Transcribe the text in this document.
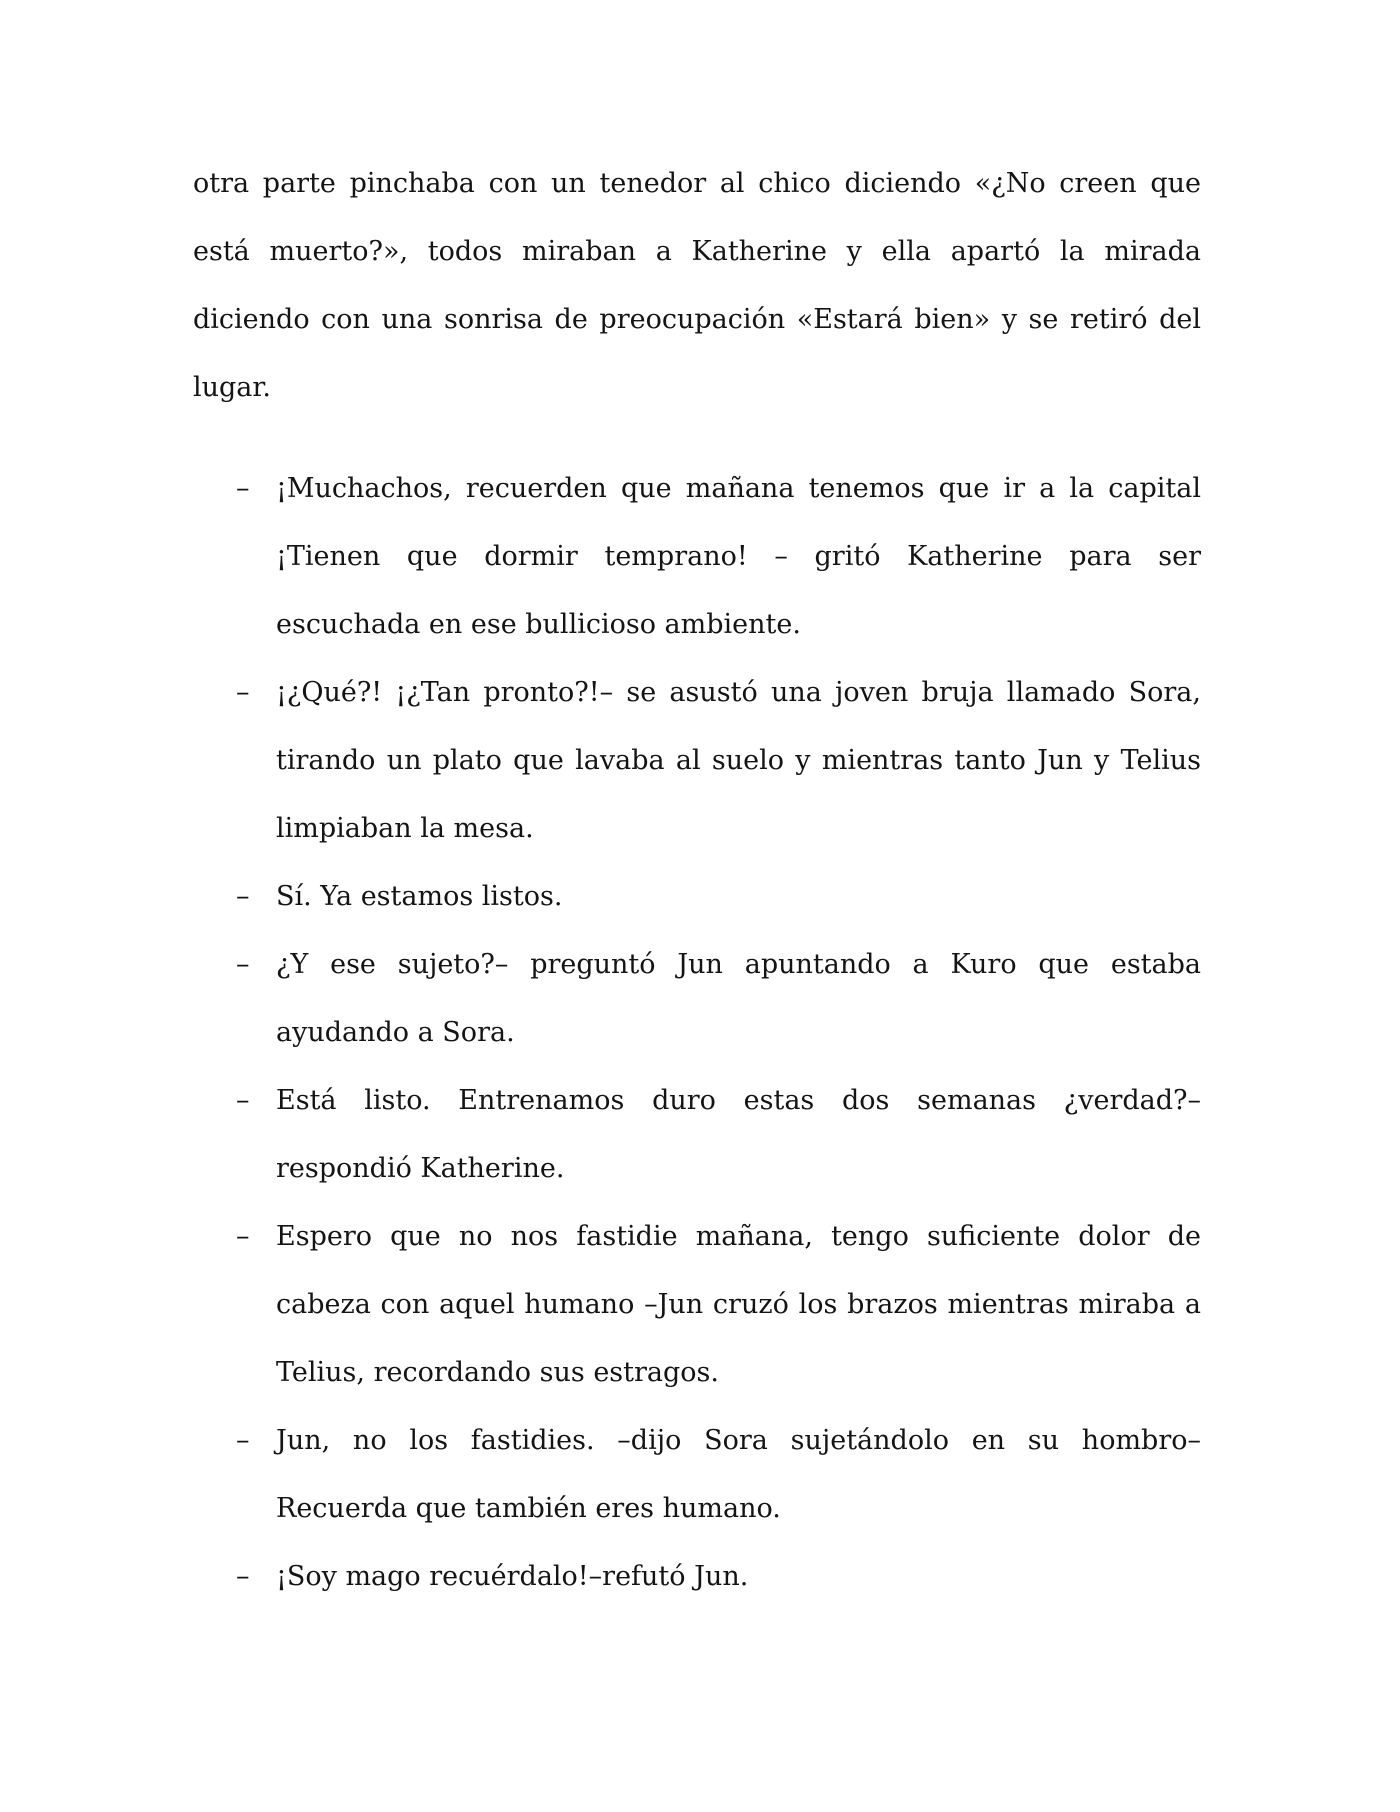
otra parte pinchaba con un tenedor al chico diciendo «¿No creen que está muerto?», todos miraban a Katherine y ella apartó la mirada diciendo con una sonrisa de preocupación «Estará bien» y se retiró del lugar.

– ¡Muchachos, recuerden que mañana tenemos que ir a la capital ¡Tienen que dormir temprano! – gritó Katherine para ser escuchada en ese bullicioso ambiente.
– ¡¿Qué?! ¡¿Tan pronto?!– se asustó una joven bruja llamado Sora, tirando un plato que lavaba al suelo y mientras tanto Jun y Telius limpiaban la mesa.
– Sí. Ya estamos listos.
– ¿Y ese sujeto?– preguntó Jun apuntando a Kuro que estaba ayudando a Sora.
– Está listo. Entrenamos duro estas dos semanas ¿verdad?– respondió Katherine.
– Espero que no nos fastidie mañana, tengo suficiente dolor de cabeza con aquel humano –Jun cruzó los brazos mientras miraba a Telius, recordando sus estragos.
– Jun, no los fastidies. –dijo Sora sujetándolo en su hombro–Recuerda que también eres humano.
– ¡Soy mago recuérdalo!–refutó Jun.
